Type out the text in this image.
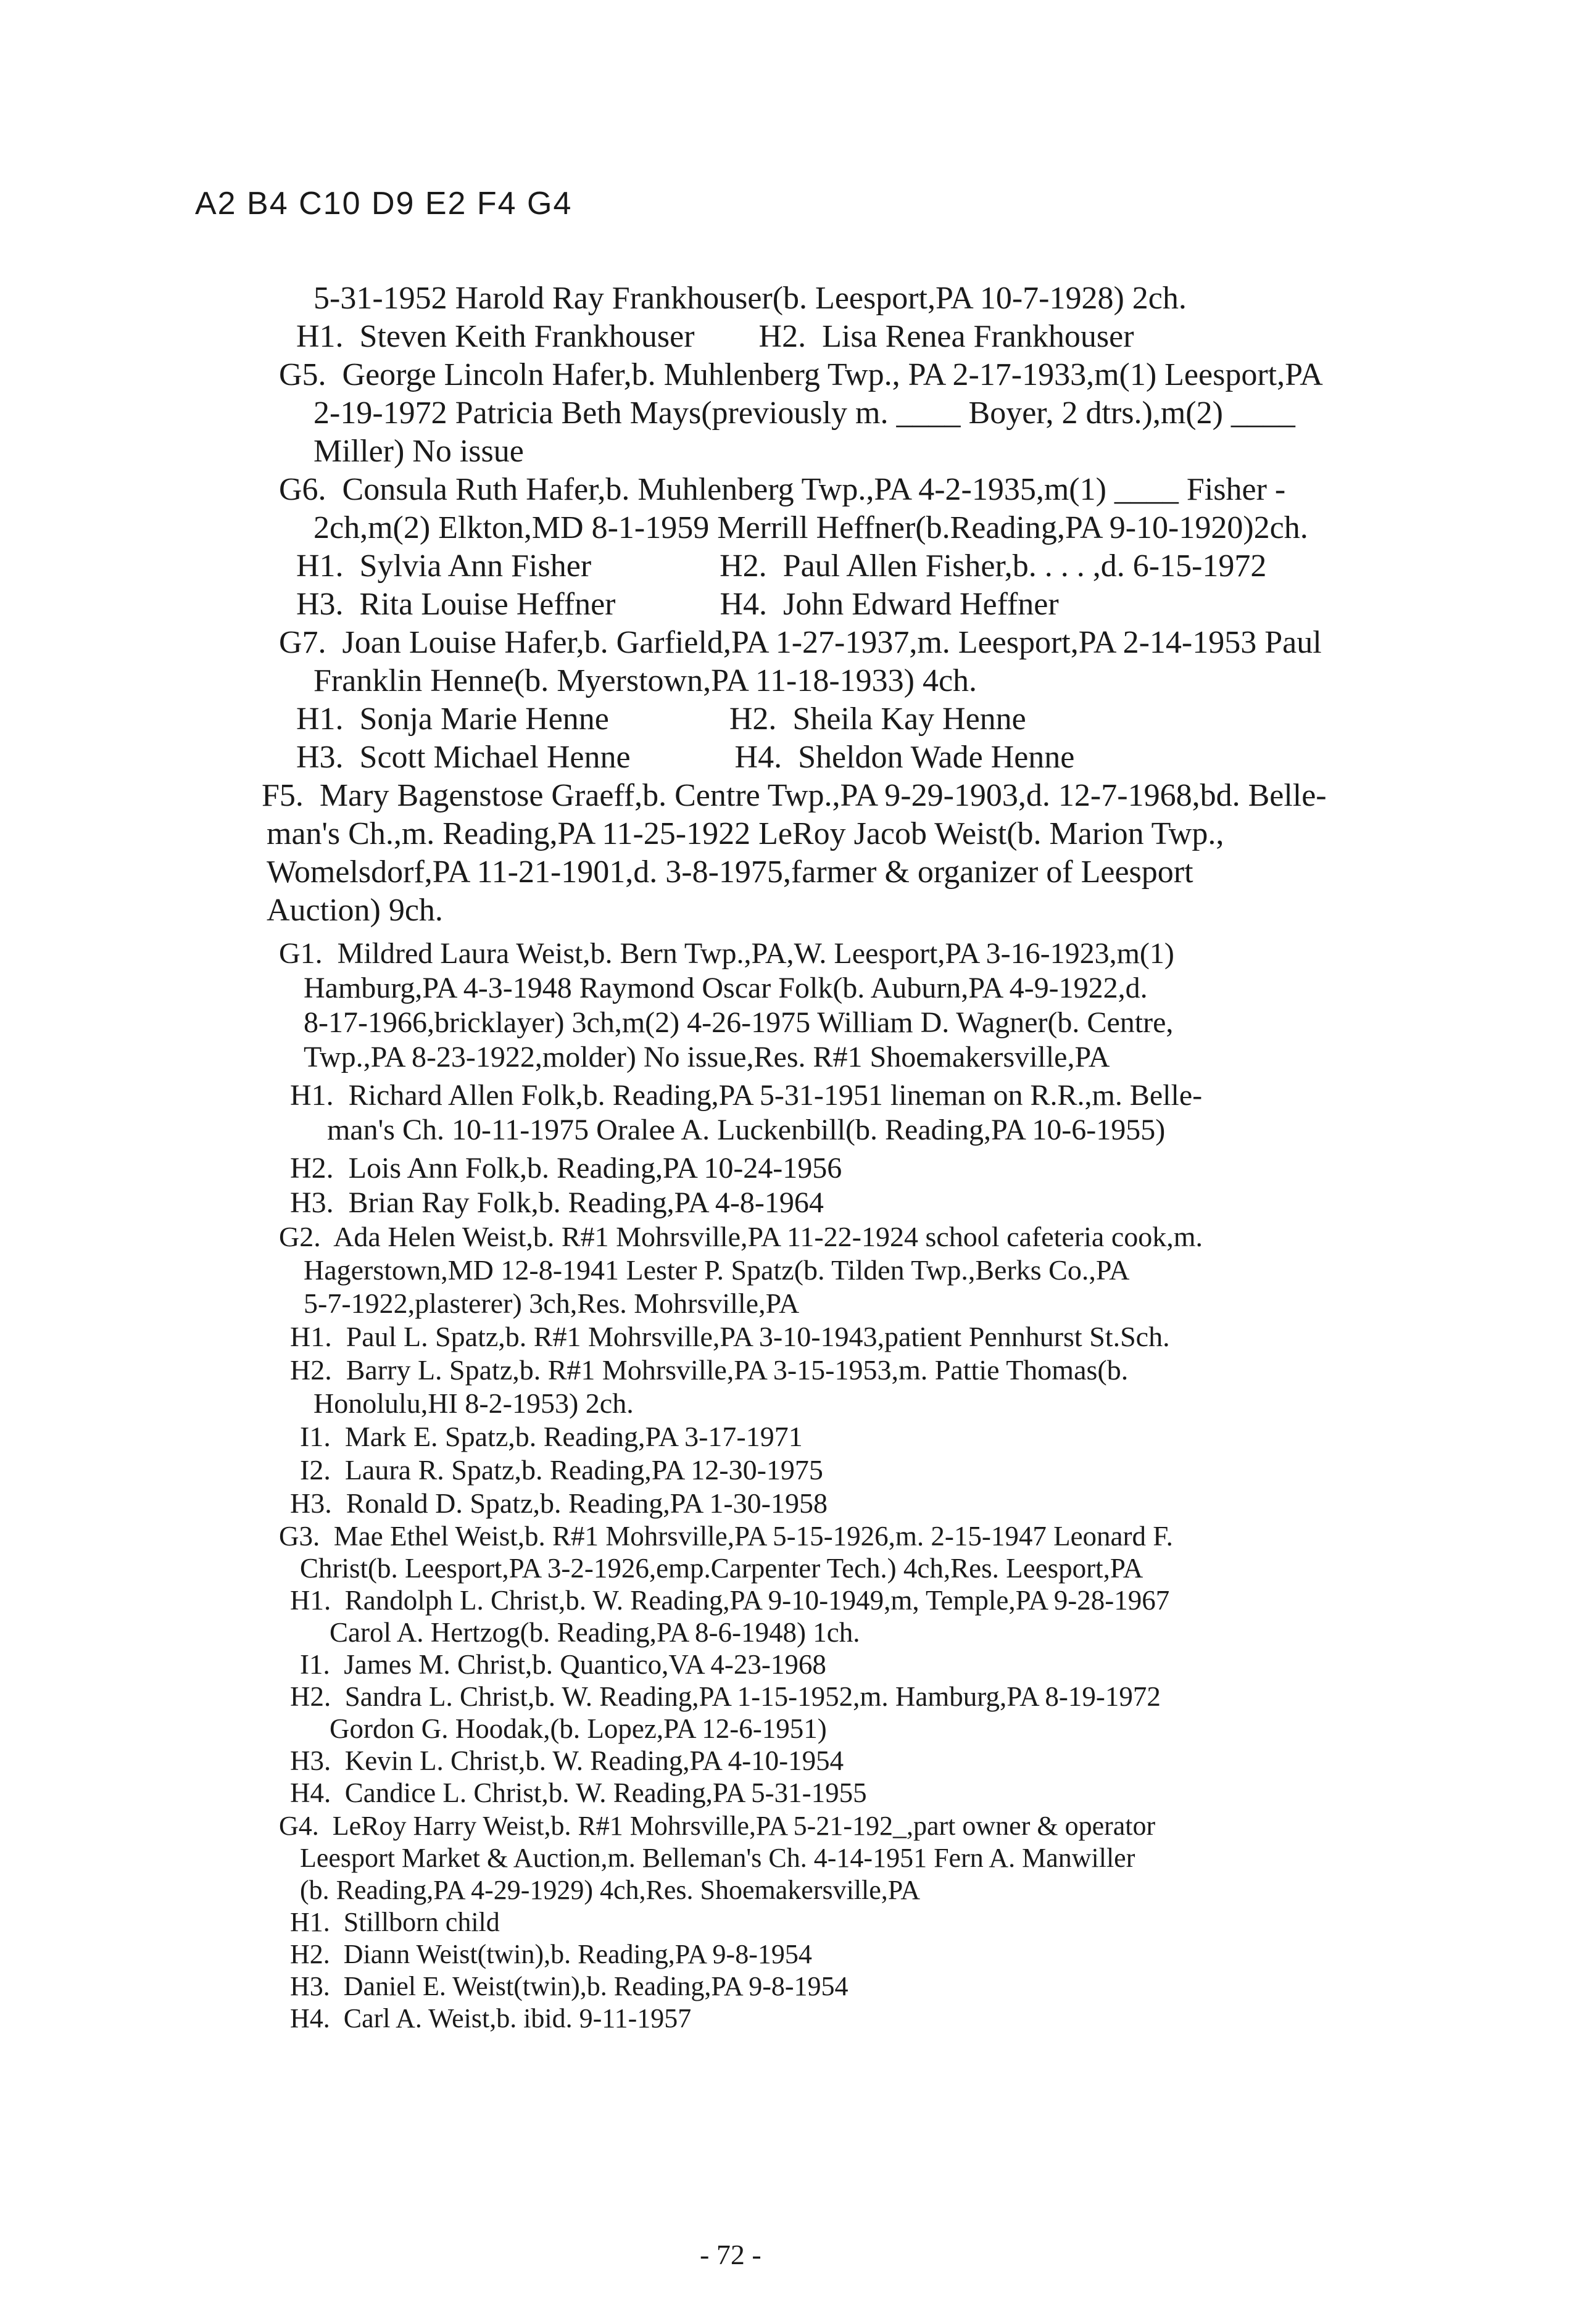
A2 B4 C10 D9 E2 F4 G4
5-31-1952 Harold Ray Frankhouser(b. Leesport,PA 10-7-1928) 2ch.
H1.  Steven Keith Frankhouser        H2.  Lisa Renea Frankhouser
G5.  George Lincoln Hafer,b. Muhlenberg Twp., PA 2-17-1933,m(1) Leesport,PA
2-19-1972 Patricia Beth Mays(previously m. ____ Boyer, 2 dtrs.),m(2) ____
Miller) No issue
G6.  Consula Ruth Hafer,b. Muhlenberg Twp.,PA 4-2-1935,m(1) ____ Fisher -
2ch,m(2) Elkton,MD 8-1-1959 Merrill Heffner(b.Reading,PA 9-10-1920)2ch.
H1.  Sylvia Ann Fisher                H2.  Paul Allen Fisher,b. . . . ,d. 6-15-1972
H3.  Rita Louise Heffner             H4.  John Edward Heffner
G7.  Joan Louise Hafer,b. Garfield,PA 1-27-1937,m. Leesport,PA 2-14-1953 Paul
Franklin Henne(b. Myerstown,PA 11-18-1933) 4ch.
H1.  Sonja Marie Henne               H2.  Sheila Kay Henne
H3.  Scott Michael Henne             H4.  Sheldon Wade Henne
F5.  Mary Bagenstose Graeff,b. Centre Twp.,PA 9-29-1903,d. 12-7-1968,bd. Belle-
man's Ch.,m. Reading,PA 11-25-1922 LeRoy Jacob Weist(b. Marion Twp.,
Womelsdorf,PA 11-21-1901,d. 3-8-1975,farmer & organizer of Leesport
Auction) 9ch.
G1.  Mildred Laura Weist,b. Bern Twp.,PA,W. Leesport,PA 3-16-1923,m(1)
Hamburg,PA 4-3-1948 Raymond Oscar Folk(b. Auburn,PA 4-9-1922,d.
8-17-1966,bricklayer) 3ch,m(2) 4-26-1975 William D. Wagner(b. Centre,
Twp.,PA 8-23-1922,molder) No issue,Res. R#1 Shoemakersville,PA
H1.  Richard Allen Folk,b. Reading,PA 5-31-1951 lineman on R.R.,m. Belle-
man's Ch. 10-11-1975 Oralee A. Luckenbill(b. Reading,PA 10-6-1955)
H2.  Lois Ann Folk,b. Reading,PA 10-24-1956
H3.  Brian Ray Folk,b. Reading,PA 4-8-1964
G2.  Ada Helen Weist,b. R#1 Mohrsville,PA 11-22-1924 school cafeteria cook,m.
Hagerstown,MD 12-8-1941 Lester P. Spatz(b. Tilden Twp.,Berks Co.,PA
5-7-1922,plasterer) 3ch,Res. Mohrsville,PA
H1.  Paul L. Spatz,b. R#1 Mohrsville,PA 3-10-1943,patient Pennhurst St.Sch.
H2.  Barry L. Spatz,b. R#1 Mohrsville,PA 3-15-1953,m. Pattie Thomas(b.
Honolulu,HI 8-2-1953) 2ch.
I1.  Mark E. Spatz,b. Reading,PA 3-17-1971
I2.  Laura R. Spatz,b. Reading,PA 12-30-1975
H3.  Ronald D. Spatz,b. Reading,PA 1-30-1958
G3.  Mae Ethel Weist,b. R#1 Mohrsville,PA 5-15-1926,m. 2-15-1947 Leonard F.
Christ(b. Leesport,PA 3-2-1926,emp.Carpenter Tech.) 4ch,Res. Leesport,PA
H1.  Randolph L. Christ,b. W. Reading,PA 9-10-1949,m, Temple,PA 9-28-1967
Carol A. Hertzog(b. Reading,PA 8-6-1948) 1ch.
I1.  James M. Christ,b. Quantico,VA 4-23-1968
H2.  Sandra L. Christ,b. W. Reading,PA 1-15-1952,m. Hamburg,PA 8-19-1972
Gordon G. Hoodak,(b. Lopez,PA 12-6-1951)
H3.  Kevin L. Christ,b. W. Reading,PA 4-10-1954
H4.  Candice L. Christ,b. W. Reading,PA 5-31-1955
G4.  LeRoy Harry Weist,b. R#1 Mohrsville,PA 5-21-192_,part owner & operator
Leesport Market & Auction,m. Belleman's Ch. 4-14-1951 Fern A. Manwiller
(b. Reading,PA 4-29-1929) 4ch,Res. Shoemakersville,PA
H1.  Stillborn child
H2.  Diann Weist(twin),b. Reading,PA 9-8-1954
H3.  Daniel E. Weist(twin),b. Reading,PA 9-8-1954
H4.  Carl A. Weist,b. ibid. 9-11-1957
- 72 -
